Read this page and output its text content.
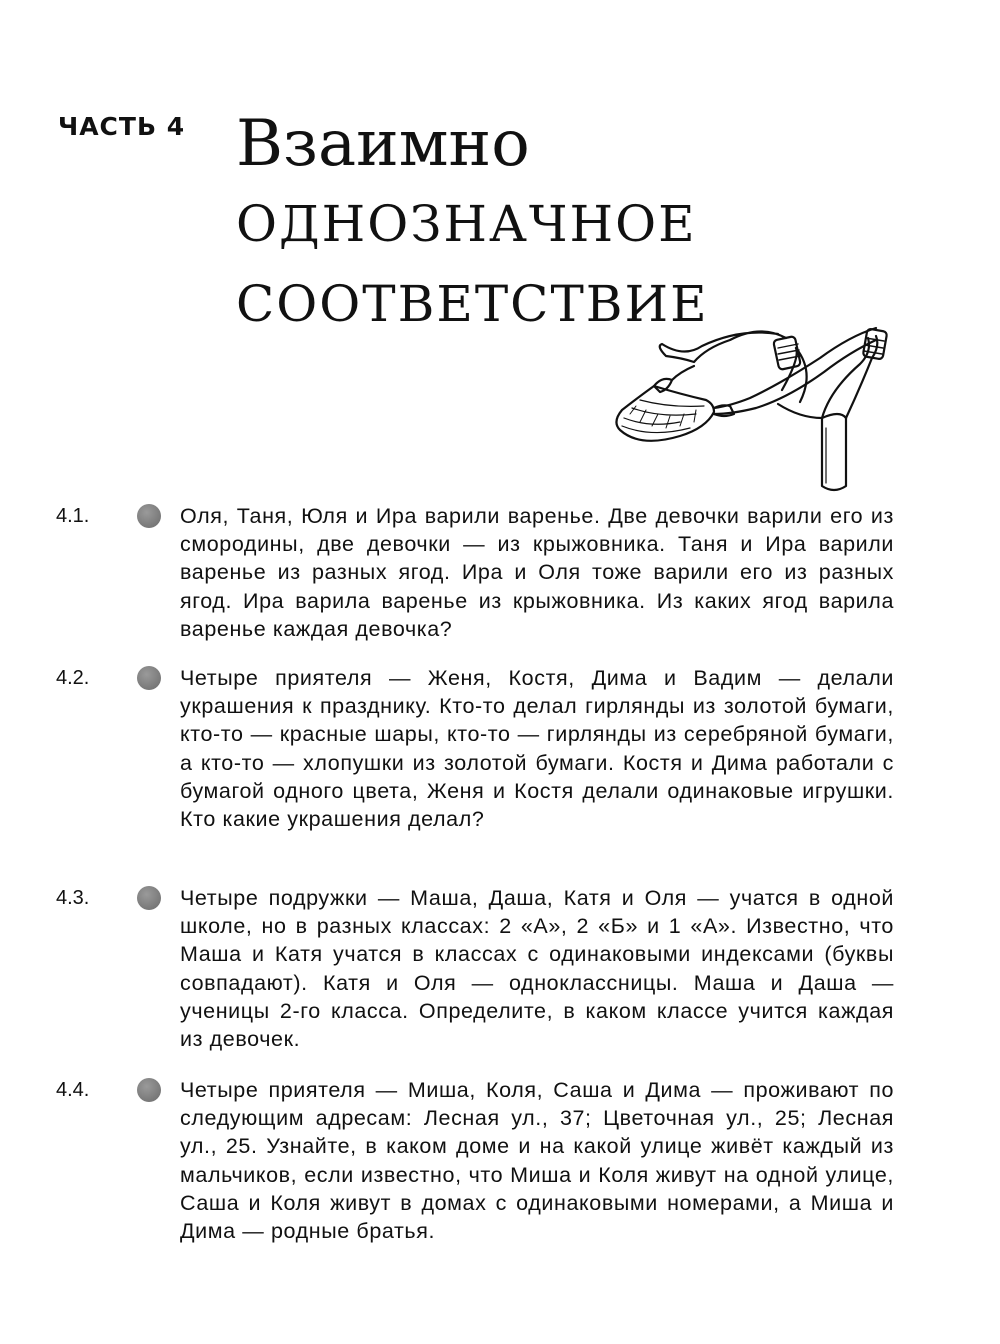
ЧАСТЬ 4 Взаимно
ОДНОЗНАЧНОЕ
СООТВЕТСТВИЕ
4.1.	Оля, Таня, Юля и Ира варили варенье. Две девочки варили его из смородины, две девочки — из крыжовника. Таня и Ира варили варенье из разных ягод. Ира и Оля тоже варили его из разных ягод. Ира варила варенье из крыжовника. Из каких ягод варила варенье каждая девочка?

4.2.	Четыре приятеля — Женя, Костя, Дима и Вадим — делали украшения к празднику. Кто-то делал гирлянды из золотой бумаги, кто-то — красные шары, кто-то — гирлянды из серебряной бумаги, а кто-то — хлопушки из золотой бумаги. Костя и Дима работали с бумагой одного цвета, Женя и Костя делали одинаковые игрушки. Кто какие украшения делал?

4.3.	Четыре подружки — Маша, Даша, Катя и Оля — учатся в одной школе, но в разных классах: 2 «А», 2 «Б» и 1 «А». Известно, что Маша и Катя учатся в классах с одинаковыми индексами (буквы совпадают). Катя и Оля — одноклассницы. Маша и Даша — ученицы 2-го класса. Определите, в каком классе учится каждая из девочек.

4.4.	Четыре приятеля — Миша, Коля, Саша и Дима — проживают по следующим адресам: Лесная ул., 37; Цветочная ул., 25; Лесная ул., 25. Узнайте, в каком доме и на какой улице живёт каждый из мальчиков, если известно, что Миша и Коля живут на одной улице, Саша и Коля живут в домах с одинаковыми номерами, а Миша и Дима — родные братья.
